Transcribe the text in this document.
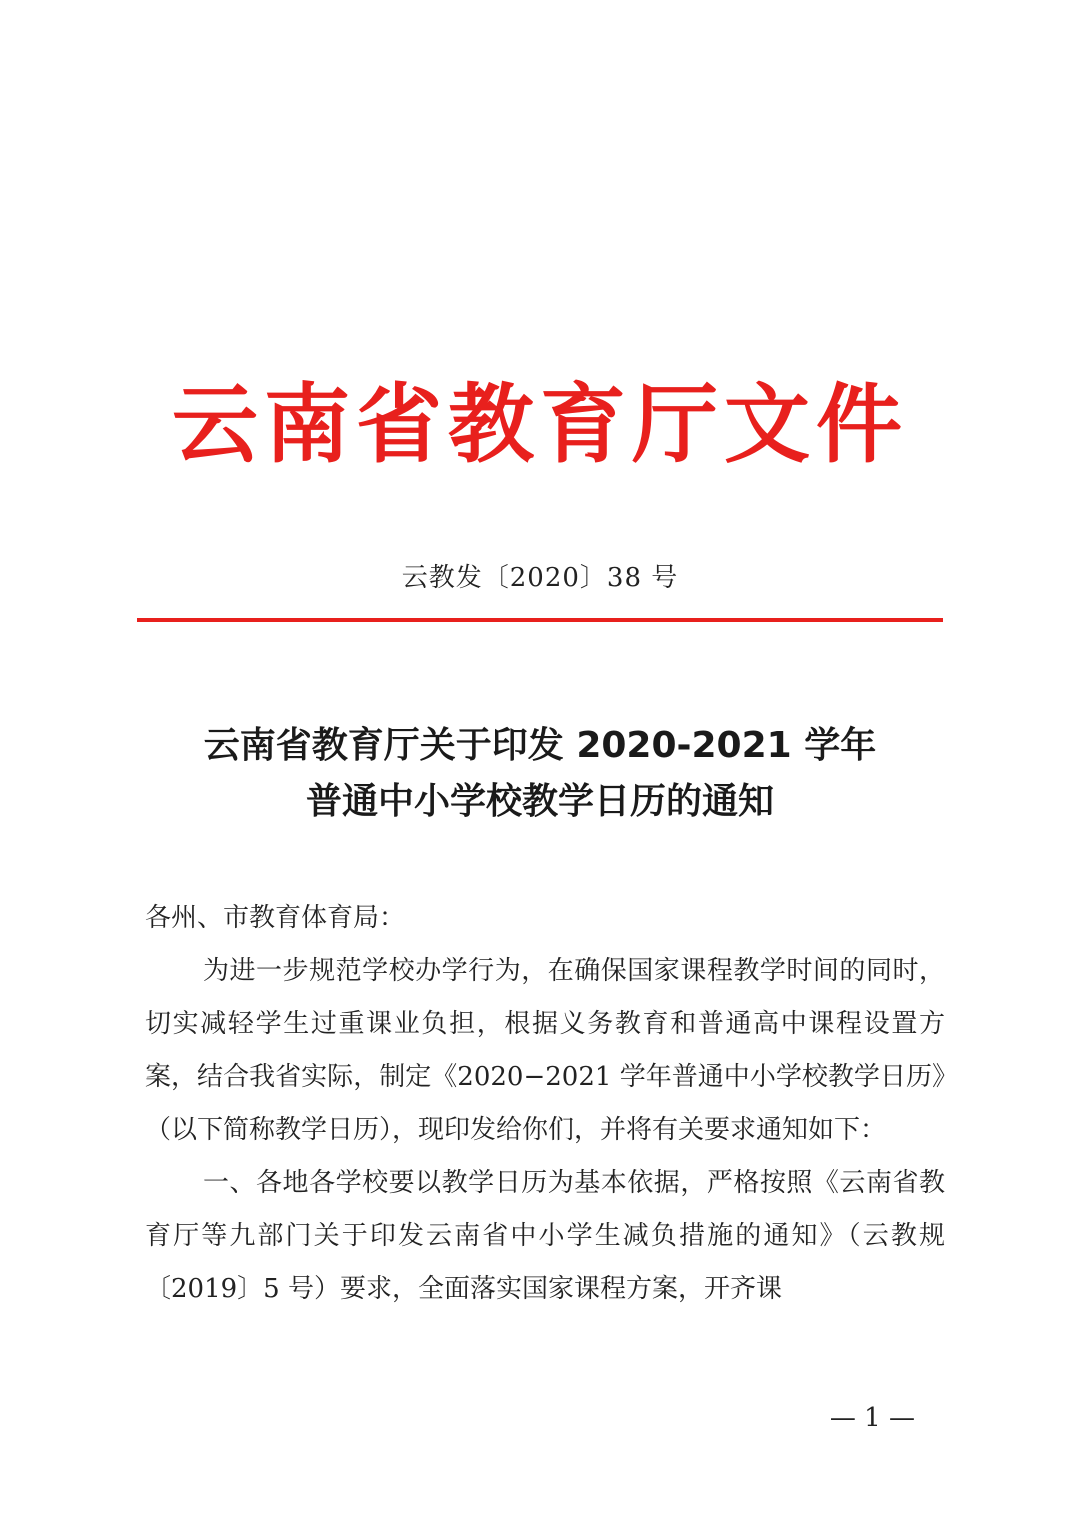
云南省教育厅文件
云教发〔2020〕38 号
云南省教育厅关于印发 2020-2021 学年
普通中小学校教学日历的通知

各州、市教育体育局：

为进一步规范学校办学行为，在确保国家课程教学时间的同时，切实减轻学生过重课业负担，根据义务教育和普通高中课程设置方案，结合我省实际，制定《2020−2021 学年普通中小学校教学日历》（以下简称教学日历），现印发给你们，并将有关要求通知如下：

一、各地各学校要以教学日历为基本依据，严格按照《云南省教育厅等九部门关于印发云南省中小学生减负措施的通知》（云教规〔2019〕5 号）要求，全面落实国家课程方案，开齐课

— 1 —
